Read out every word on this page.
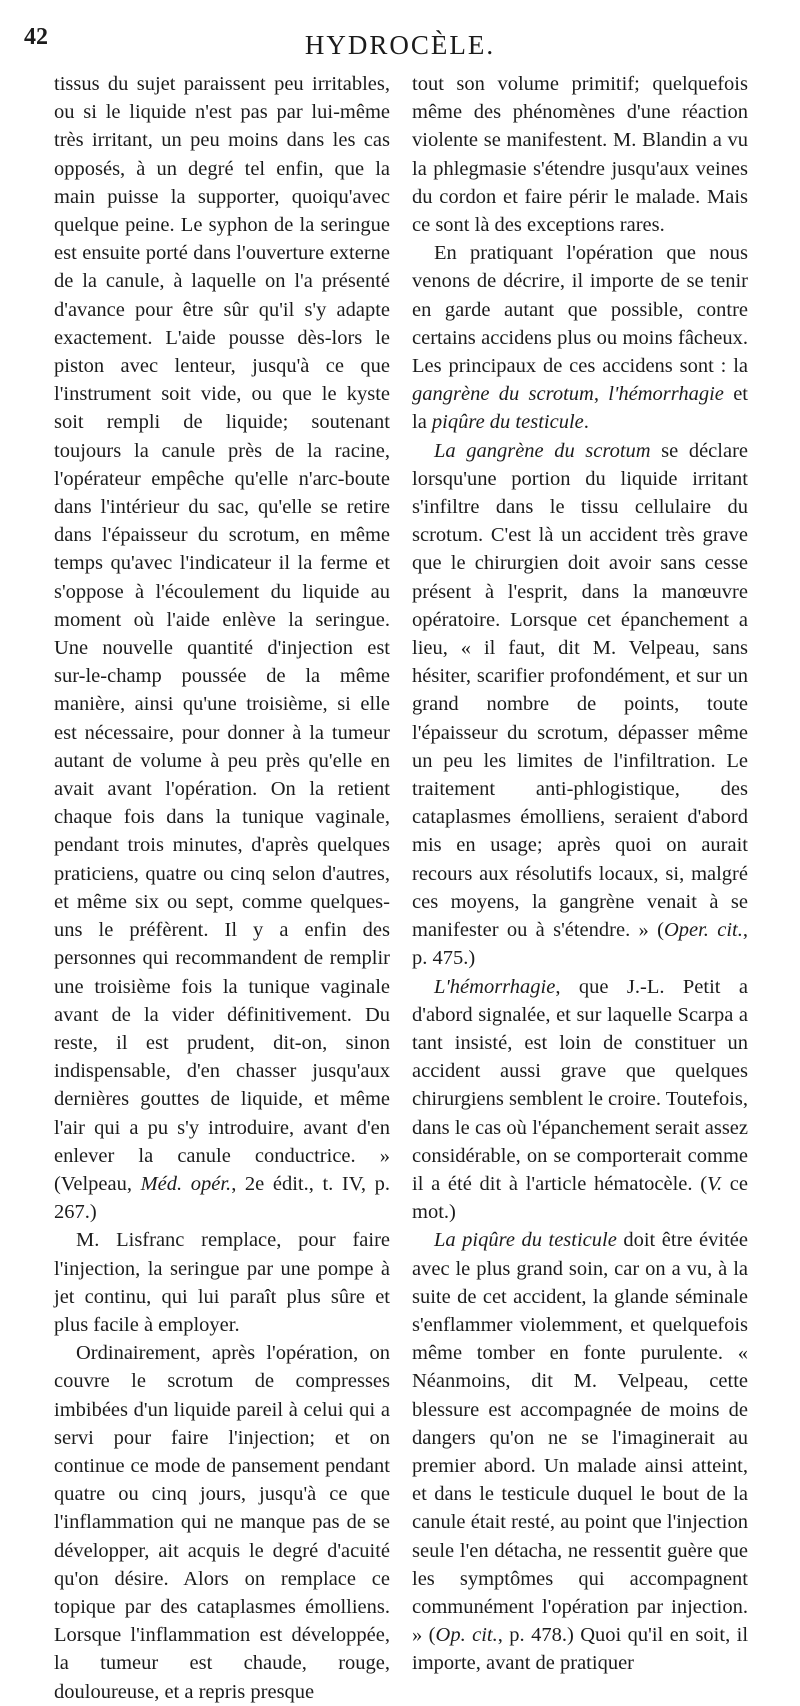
42	HYDROCÈLE.

tissus du sujet paraissent peu irritables, ou si le liquide n'est pas par lui-même très irritant, un peu moins dans les cas opposés, à un degré tel enfin, que la main puisse la supporter, quoiqu'avec quelque peine. Le syphon de la seringue est ensuite porté dans l'ouverture externe de la canule, à laquelle on l'a présenté d'avance pour être sûr qu'il s'y adapte exactement. L'aide pousse dès-lors le piston avec lenteur, jusqu'à ce que l'instrument soit vide, ou que le kyste soit rempli de liquide; soutenant toujours la canule près de la racine, l'opérateur empêche qu'elle n'arc-boute dans l'intérieur du sac, qu'elle se retire dans l'épaisseur du scrotum, en même temps qu'avec l'indicateur il la ferme et s'oppose à l'écoulement du liquide au moment où l'aide enlève la seringue. Une nouvelle quantité d'injection est sur-le-champ poussée de la même manière, ainsi qu'une troisième, si elle est nécessaire, pour donner à la tumeur autant de volume à peu près qu'elle en avait avant l'opération. On la retient chaque fois dans la tunique vaginale, pendant trois minutes, d'après quelques praticiens, quatre ou cinq selon d'autres, et même six ou sept, comme quelques-uns le préfèrent. Il y a enfin des personnes qui recommandent de remplir une troisième fois la tunique vaginale avant de la vider définitivement. Du reste, il est prudent, dit-on, sinon indispensable, d'en chasser jusqu'aux dernières gouttes de liquide, et même l'air qui a pu s'y introduire, avant d'en enlever la canule conductrice. » (Velpeau, Méd. opér., 2e édit., t. IV, p. 267.)

M. Lisfranc remplace, pour faire l'injection, la seringue par une pompe à jet continu, qui lui paraît plus sûre et plus facile à employer.

Ordinairement, après l'opération, on couvre le scrotum de compresses imbibées d'un liquide pareil à celui qui a servi pour faire l'injection; et on continue ce mode de pansement pendant quatre ou cinq jours, jusqu'à ce que l'inflammation qui ne manque pas de se développer, ait acquis le degré d'acuité qu'on désire. Alors on remplace ce topique par des cataplasmes émolliens. Lorsque l'inflammation est développée, la tumeur est chaude, rouge, douloureuse, et a repris presque

tout son volume primitif; quelquefois même des phénomènes d'une réaction violente se manifestent. M. Blandin a vu la phlegmasie s'étendre jusqu'aux veines du cordon et faire périr le malade. Mais ce sont là des exceptions rares.

En pratiquant l'opération que nous venons de décrire, il importe de se tenir en garde autant que possible, contre certains accidens plus ou moins fâcheux. Les principaux de ces accidens sont : la gangrène du scrotum, l'hémorrhagie et la piqûre du testicule.

La gangrène du scrotum se déclare lorsqu'une portion du liquide irritant s'infiltre dans le tissu cellulaire du scrotum. C'est là un accident très grave que le chirurgien doit avoir sans cesse présent à l'esprit, dans la manœuvre opératoire. Lorsque cet épanchement a lieu, « il faut, dit M. Velpeau, sans hésiter, scarifier profondément, et sur un grand nombre de points, toute l'épaisseur du scrotum, dépasser même un peu les limites de l'infiltration. Le traitement anti-phlogistique, des cataplasmes émolliens, seraient d'abord mis en usage; après quoi on aurait recours aux résolutifs locaux, si, malgré ces moyens, la gangrène venait à se manifester ou à s'étendre. » (Oper. cit., p. 475.)

L'hémorrhagie, que J.-L. Petit a d'abord signalée, et sur laquelle Scarpa a tant insisté, est loin de constituer un accident aussi grave que quelques chirurgiens semblent le croire. Toutefois, dans le cas où l'épanchement serait assez considérable, on se comporterait comme il a été dit à l'article hématocèle. (V. ce mot.)

La piqûre du testicule doit être évitée avec le plus grand soin, car on a vu, à la suite de cet accident, la glande séminale s'enflammer violemment, et quelquefois même tomber en fonte purulente. « Néanmoins, dit M. Velpeau, cette blessure est accompagnée de moins de dangers qu'on ne se l'imaginerait au premier abord. Un malade ainsi atteint, et dans le testicule duquel le bout de la canule était resté, au point que l'injection seule l'en détacha, ne ressentit guère que les symptômes qui accompagnent communément l'opération par injection. » (Op. cit., p. 478.) Quoi qu'il en soit, il importe, avant de pratiquer
